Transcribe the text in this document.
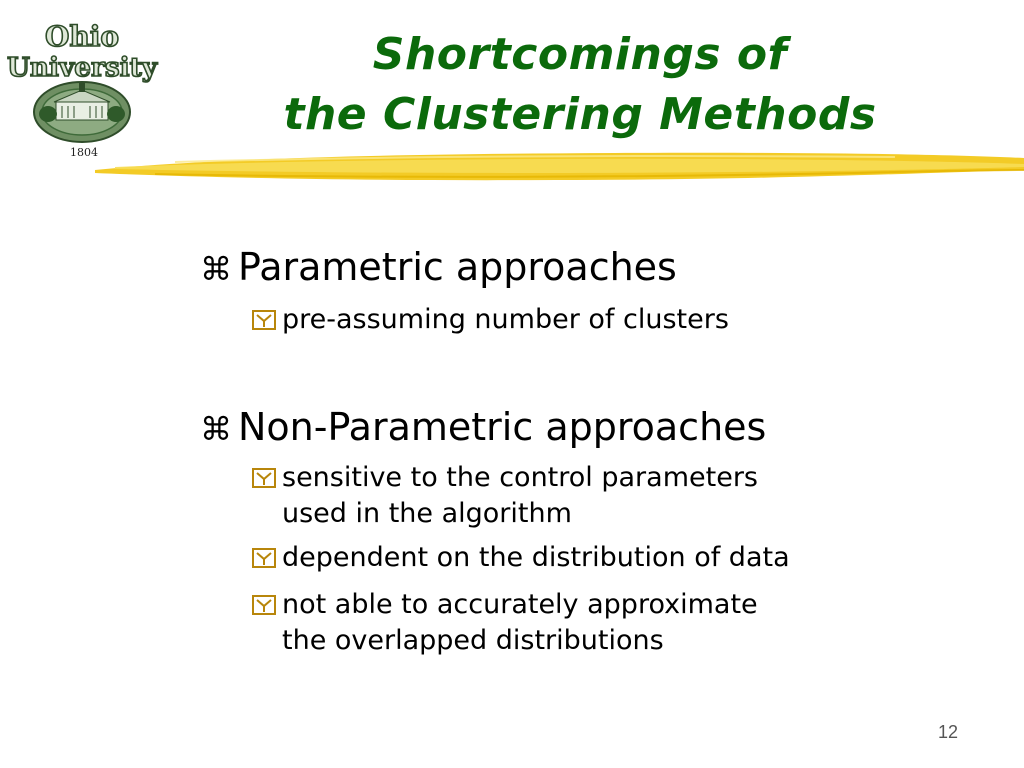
Ohio
University
1804
Shortcomings of
the Clustering Methods
⌘ Parametric approaches
pre-assuming number of clusters
⌘ Non-Parametric approaches
sensitive to the control parameters
used in the algorithm
dependent on the distribution of data
not able to accurately approximate
the overlapped distributions
12
